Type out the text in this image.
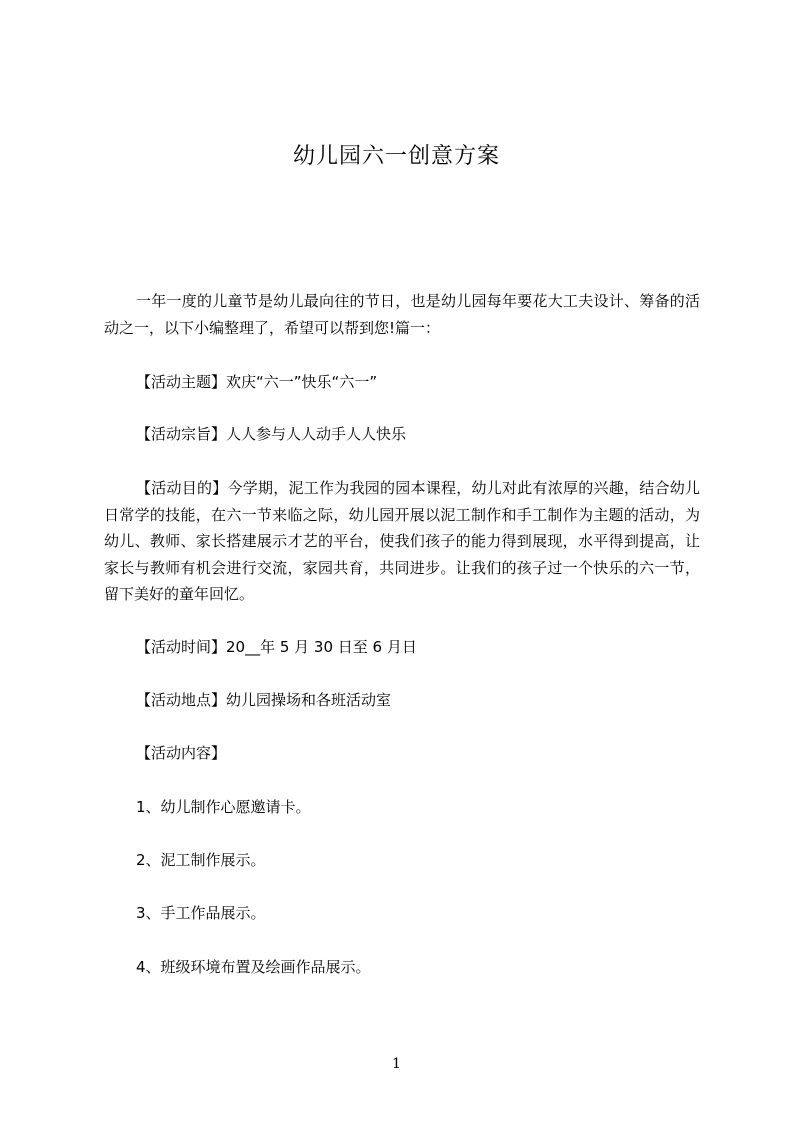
幼儿园六一创意方案

一年一度的儿童节是幼儿最向往的节日，也是幼儿园每年要花大工夫设计、筹备的活动之一，以下小编整理了，希望可以帮到您!篇一：

【活动主题】欢庆“六一”快乐“六一”

【活动宗旨】人人参与人人动手人人快乐

【活动目的】今学期，泥工作为我园的园本课程，幼儿对此有浓厚的兴趣，结合幼儿日常学的技能，在六一节来临之际，幼儿园开展以泥工制作和手工制作为主题的活动，为幼儿、教师、家长搭建展示才艺的平台，使我们孩子的能力得到展现，水平得到提高，让家长与教师有机会进行交流，家园共育，共同进步。让我们的孩子过一个快乐的六一节，留下美好的童年回忆。

【活动时间】20__年 5 月 30 日至 6 月日

【活动地点】幼儿园操场和各班活动室

【活动内容】

1、幼儿制作心愿邀请卡。

2、泥工制作展示。

3、手工作品展示。

4、班级环境布置及绘画作品展示。

1
